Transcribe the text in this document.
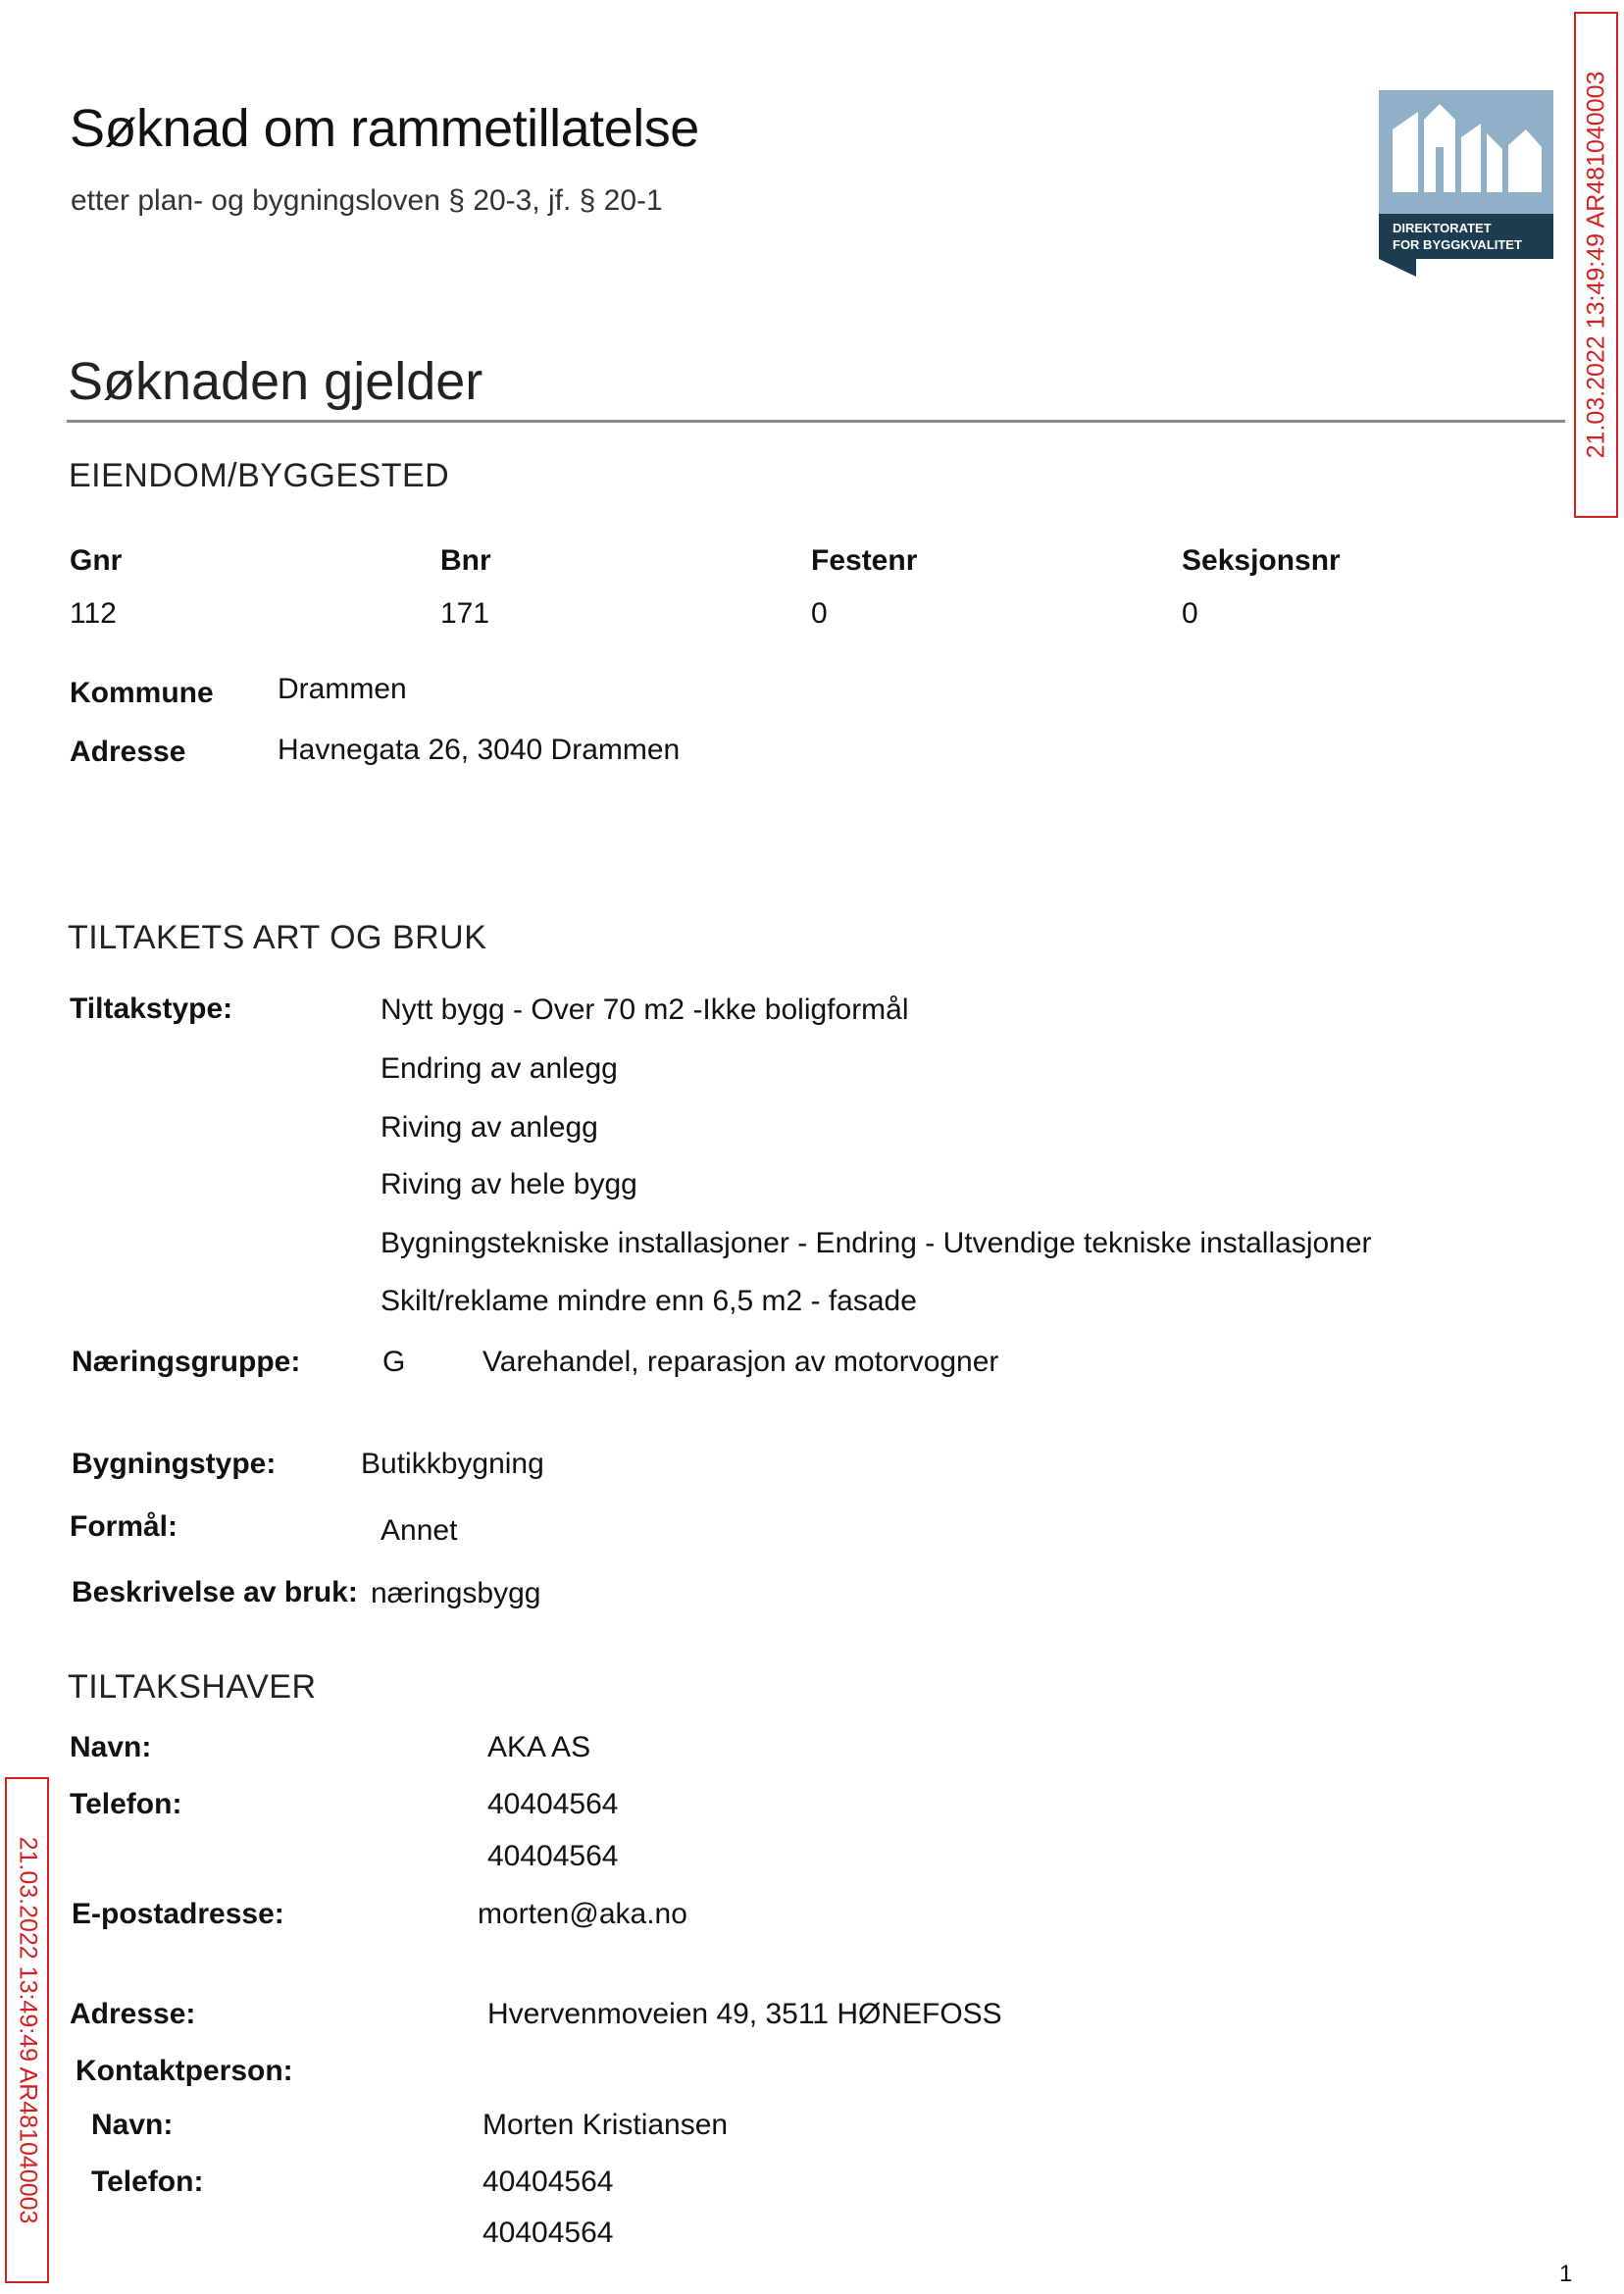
Søknad om rammetillatelse
etter plan- og bygningsloven § 20-3, jf. § 20-1
DIREKTORATET
FOR BYGGKVALITET 21.03.2022 13:49:49 AR481040003
21.03.2022 13:49:49 AR481040003
Søknaden gjelder
EIENDOM/BYGGESTED
Gnr	Bnr	Festenr	Seksjonsnr
112	171	0	0
Kommune Drammen
Adresse	Havnegata 26, 3040 Drammen
TILTAKETS ART OG BRUK
Tiltakstype:	Nytt bygg - Over 70 m2 -Ikke boligformål
Endring av anlegg
Riving av anlegg
Riving av hele bygg
Bygningstekniske installasjoner - Endring - Utvendige tekniske installasjoner
Skilt/reklame mindre enn 6,5 m2 - fasade
Næringsgruppe:	G	Varehandel, reparasjon av motorvogner
Bygningstype:	Butikkbygning
Formål:	Annet
Beskrivelse av bruk: næringsbygg
TILTAKSHAVER
Navn:	AKA AS
Telefon:	40404564
40404564
E-postadresse:	morten@aka.no
Adresse:	Hvervenmoveien 49, 3511 HØNEFOSS
Kontaktperson:
Navn:	Morten Kristiansen
Telefon:	40404564
40404564
1
